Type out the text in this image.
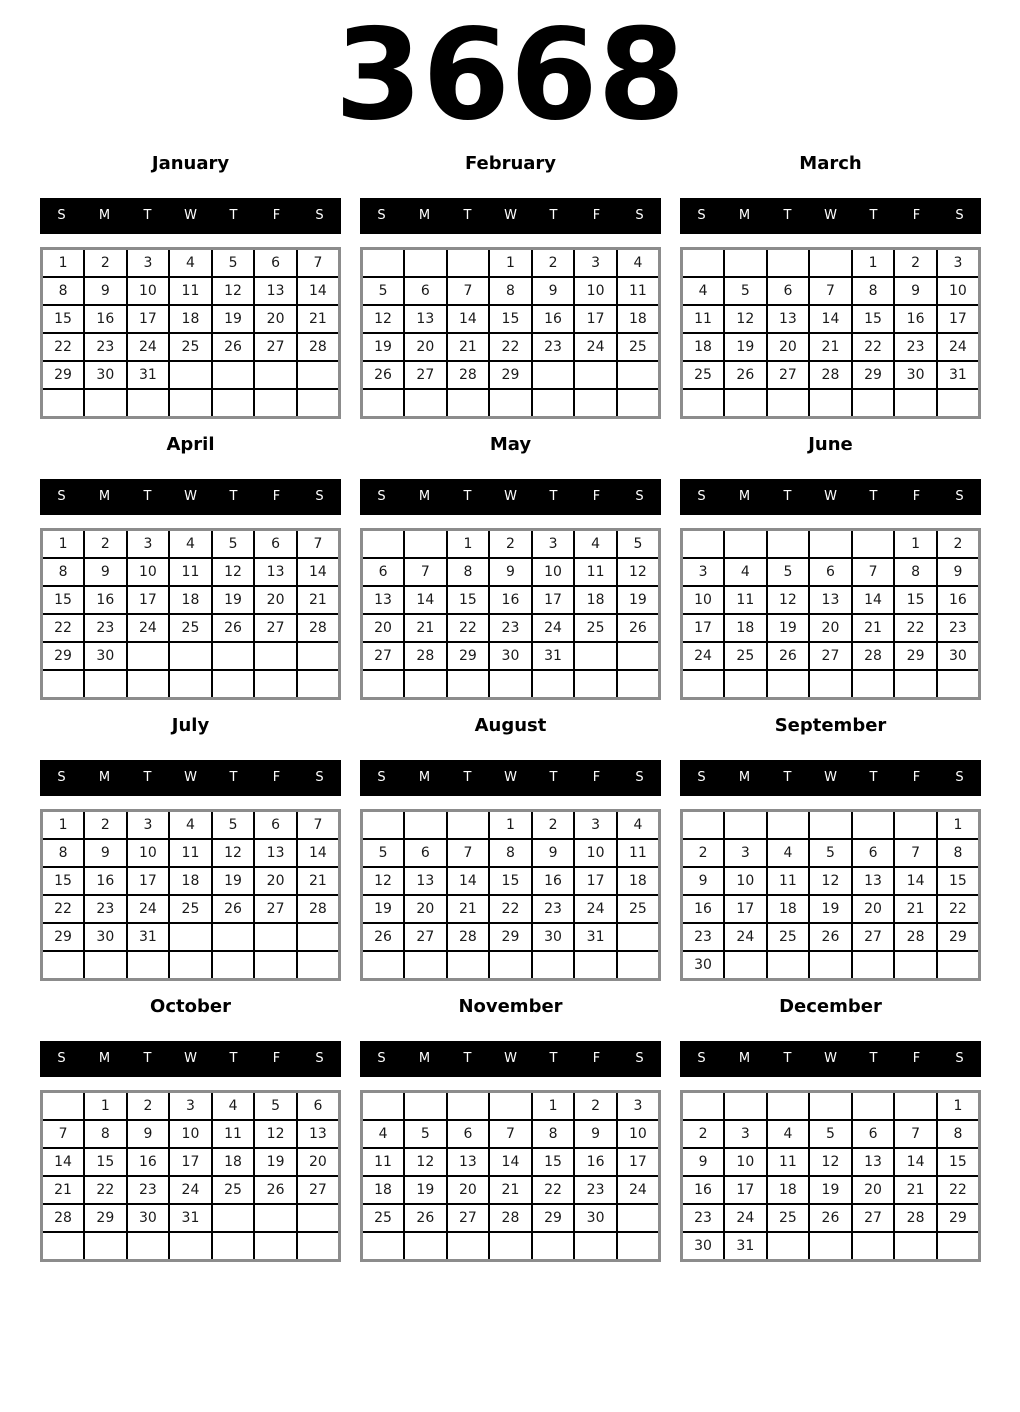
3668
January
S	M	T	W	T	F	S
1	2	3	4	5	6	7
8	9	10	11	12	13	14
15	16	17	18	19	20	21
22	23	24	25	26	27	28
29	30	31				

February
S	M	T	W	T	F	S
			1	2	3	4
5	6	7	8	9	10	11
12	13	14	15	16	17	18
19	20	21	22	23	24	25
26	27	28	29			

March
S	M	T	W	T	F	S
				1	2	3
4	5	6	7	8	9	10
11	12	13	14	15	16	17
18	19	20	21	22	23	24
25	26	27	28	29	30	31

April
S	M	T	W	T	F	S
1	2	3	4	5	6	7
8	9	10	11	12	13	14
15	16	17	18	19	20	21
22	23	24	25	26	27	28
29	30					

May
S	M	T	W	T	F	S
		1	2	3	4	5
6	7	8	9	10	11	12
13	14	15	16	17	18	19
20	21	22	23	24	25	26
27	28	29	30	31		

June
S	M	T	W	T	F	S
					1	2
3	4	5	6	7	8	9
10	11	12	13	14	15	16
17	18	19	20	21	22	23
24	25	26	27	28	29	30

July
S	M	T	W	T	F	S
1	2	3	4	5	6	7
8	9	10	11	12	13	14
15	16	17	18	19	20	21
22	23	24	25	26	27	28
29	30	31				

August
S	M	T	W	T	F	S
			1	2	3	4
5	6	7	8	9	10	11
12	13	14	15	16	17	18
19	20	21	22	23	24	25
26	27	28	29	30	31	

September
S	M	T	W	T	F	S
						1
2	3	4	5	6	7	8
9	10	11	12	13	14	15
16	17	18	19	20	21	22
23	24	25	26	27	28	29
30						
October
S	M	T	W	T	F	S
	1	2	3	4	5	6
7	8	9	10	11	12	13
14	15	16	17	18	19	20
21	22	23	24	25	26	27
28	29	30	31			

November
S	M	T	W	T	F	S
				1	2	3
4	5	6	7	8	9	10
11	12	13	14	15	16	17
18	19	20	21	22	23	24
25	26	27	28	29	30	

December
S	M	T	W	T	F	S
						1
2	3	4	5	6	7	8
9	10	11	12	13	14	15
16	17	18	19	20	21	22
23	24	25	26	27	28	29
30	31					
